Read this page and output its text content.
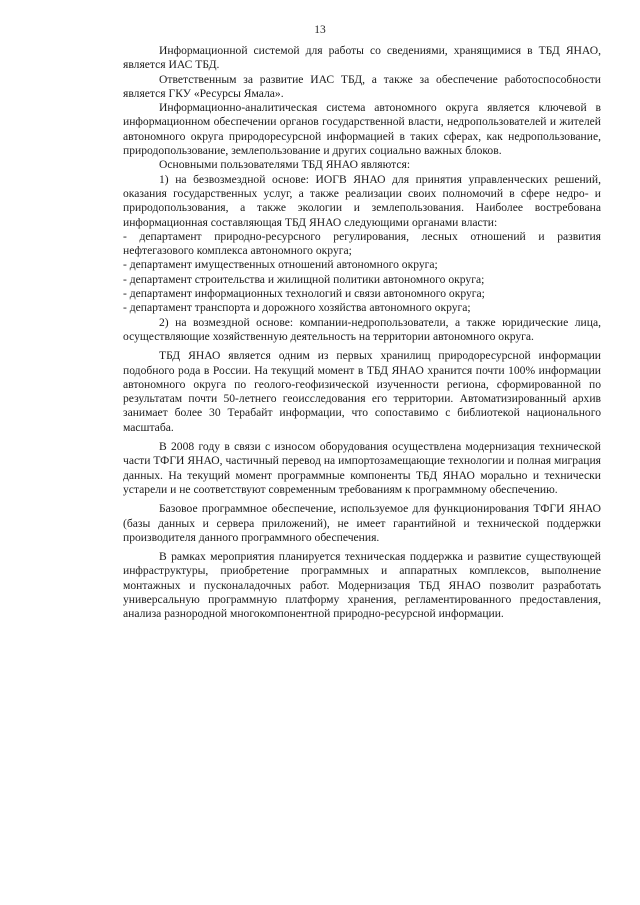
13

Информационной системой для работы со сведениями, хранящимися в ТБД ЯНАО, является ИАС ТБД.

Ответственным за развитие ИАС ТБД, а также за обеспечение работоспособности является ГКУ «Ресурсы Ямала».

Информационно-аналитическая система автономного округа является ключевой в информационном обеспечении органов государственной власти, недропользователей и жителей автономного округа природоресурсной информацией в таких сферах, как недропользование, природопользование, землепользование и других социально важных блоков.

Основными пользователями ТБД ЯНАО являются:

1) на безвозмездной основе: ИОГВ ЯНАО для принятия управленческих решений, оказания государственных услуг, а также реализации своих полномочий в сфере недро- и природопользования, а также экологии и землепользования. Наиболее востребована информационная составляющая ТБД ЯНАО следующими органами власти:

- департамент природно-ресурсного регулирования, лесных отношений и развития нефтегазового комплекса автономного округа;

- департамент имущественных отношений автономного округа;

- департамент строительства и жилищной политики автономного округа;

- департамент информационных технологий и связи автономного округа;

- департамент транспорта и дорожного хозяйства автономного округа;

2) на возмездной основе: компании-недропользователи, а также юридические лица, осуществляющие хозяйственную деятельность на территории автономного округа.

ТБД ЯНАО является одним из первых хранилищ природоресурсной информации подобного рода в России. На текущий момент в ТБД ЯНАО хранится почти 100% информации автономного округа по геолого-геофизической изученности региона, сформированной по результатам почти 50-летнего геоисследования его территории. Автоматизированный архив занимает более 30 Терабайт информации, что сопоставимо с библиотекой национального масштаба.

В 2008 году в связи с износом оборудования осуществлена модернизация технической части ТФГИ ЯНАО, частичный перевод на импортозамещающие технологии и полная миграция данных. На текущий момент программные компоненты ТБД ЯНАО морально и технически устарели и не соответствуют современным требованиям к программному обеспечению.

Базовое программное обеспечение, используемое для функционирования ТФГИ ЯНАО (базы данных и сервера приложений), не имеет гарантийной и технической поддержки производителя данного программного обеспечения.

В рамках мероприятия планируется техническая поддержка и развитие существующей инфраструктуры, приобретение программных и аппаратных комплексов, выполнение монтажных и пусконаладочных работ. Модернизация ТБД ЯНАО позволит разработать универсальную программную платформу хранения, регламентированного предоставления, анализа разнородной многокомпонентной природно-ресурсной информации.
